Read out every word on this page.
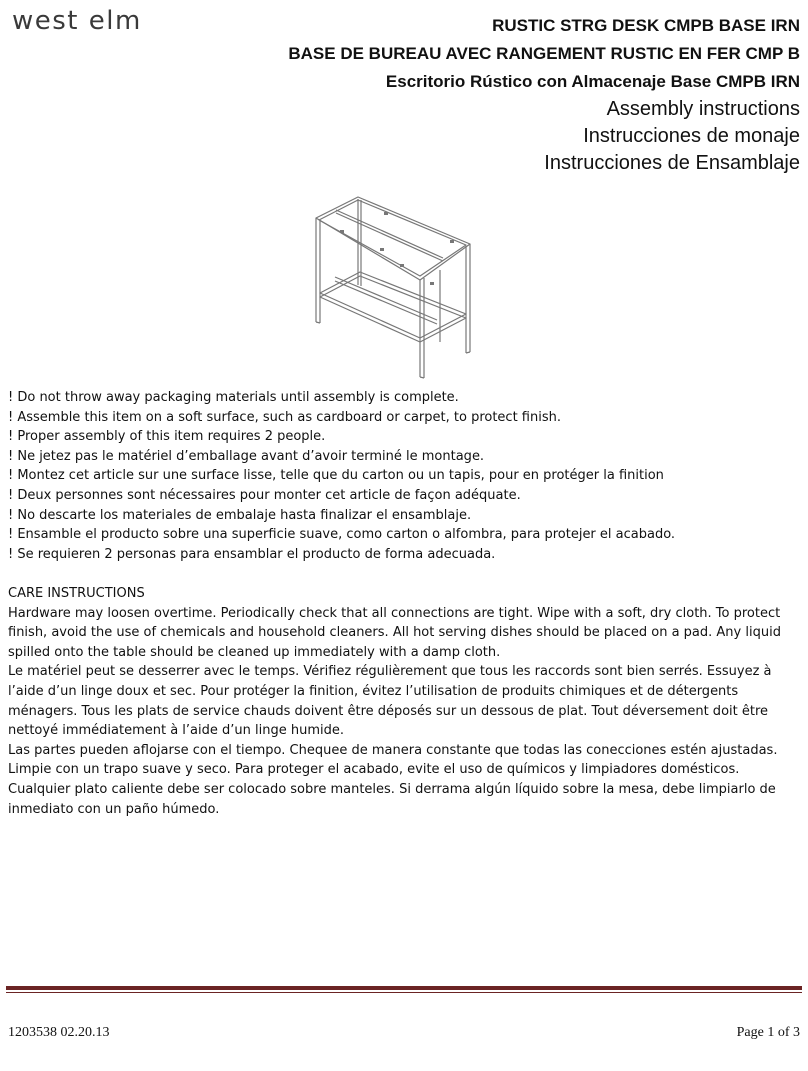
west elm	RUSTIC STRG DESK CMPB BASE IRN
BASE DE BUREAU AVEC RANGEMENT RUSTIC EN FER CMP B
Escritorio Rústico con Almacenaje Base CMPB IRN
Assembly instructions
Instrucciones de monaje
Instrucciones de Ensamblaje
! Do not throw away packaging materials until assembly is complete.
! Assemble this item on a soft surface, such as cardboard or carpet, to protect finish.
! Proper assembly of this item requires 2 people.
! Ne jetez pas le matériel d’emballage avant d’avoir terminé le montage.
! Montez cet article sur une surface lisse, telle que du carton ou un tapis, pour en protéger la finition
! Deux personnes sont nécessaires pour monter cet article de façon adéquate.
! No descarte los materiales de embalaje hasta finalizar el ensamblaje.
! Ensamble el producto sobre una superficie suave, como carton o alfombra, para protejer el acabado.
! Se requieren 2 personas para ensamblar el producto de forma adecuada.

CARE INSTRUCTIONS

Hardware may loosen overtime. Periodically check that all connections are tight. Wipe with a soft, dry cloth. To protect finish, avoid the use of chemicals and household cleaners. All hot serving dishes should be placed on a pad. Any liquid spilled onto the table should be cleaned up immediately with a damp cloth.

Le matériel peut se desserrer avec le temps. Vérifiez régulièrement que tous les raccords sont bien serrés. Essuyez à l’aide d’un linge doux et sec. Pour protéger la finition, évitez l’utilisation de produits chimiques et de détergents ménagers. Tous les plats de service chauds doivent être déposés sur un dessous de plat. Tout déversement doit être nettoyé immédiatement à l’aide d’un linge humide.

Las partes pueden aflojarse con el tiempo. Chequee de manera constante que todas las conecciones estén ajustadas. Limpie con un trapo suave y seco. Para proteger el acabado, evite el uso de químicos y limpiadores domésticos. Cualquier plato caliente debe ser colocado sobre manteles. Si derrama algún líquido sobre la mesa, debe limpiarlo de inmediato con un paño húmedo.

1203538 02.20.13	Page 1 of 3
